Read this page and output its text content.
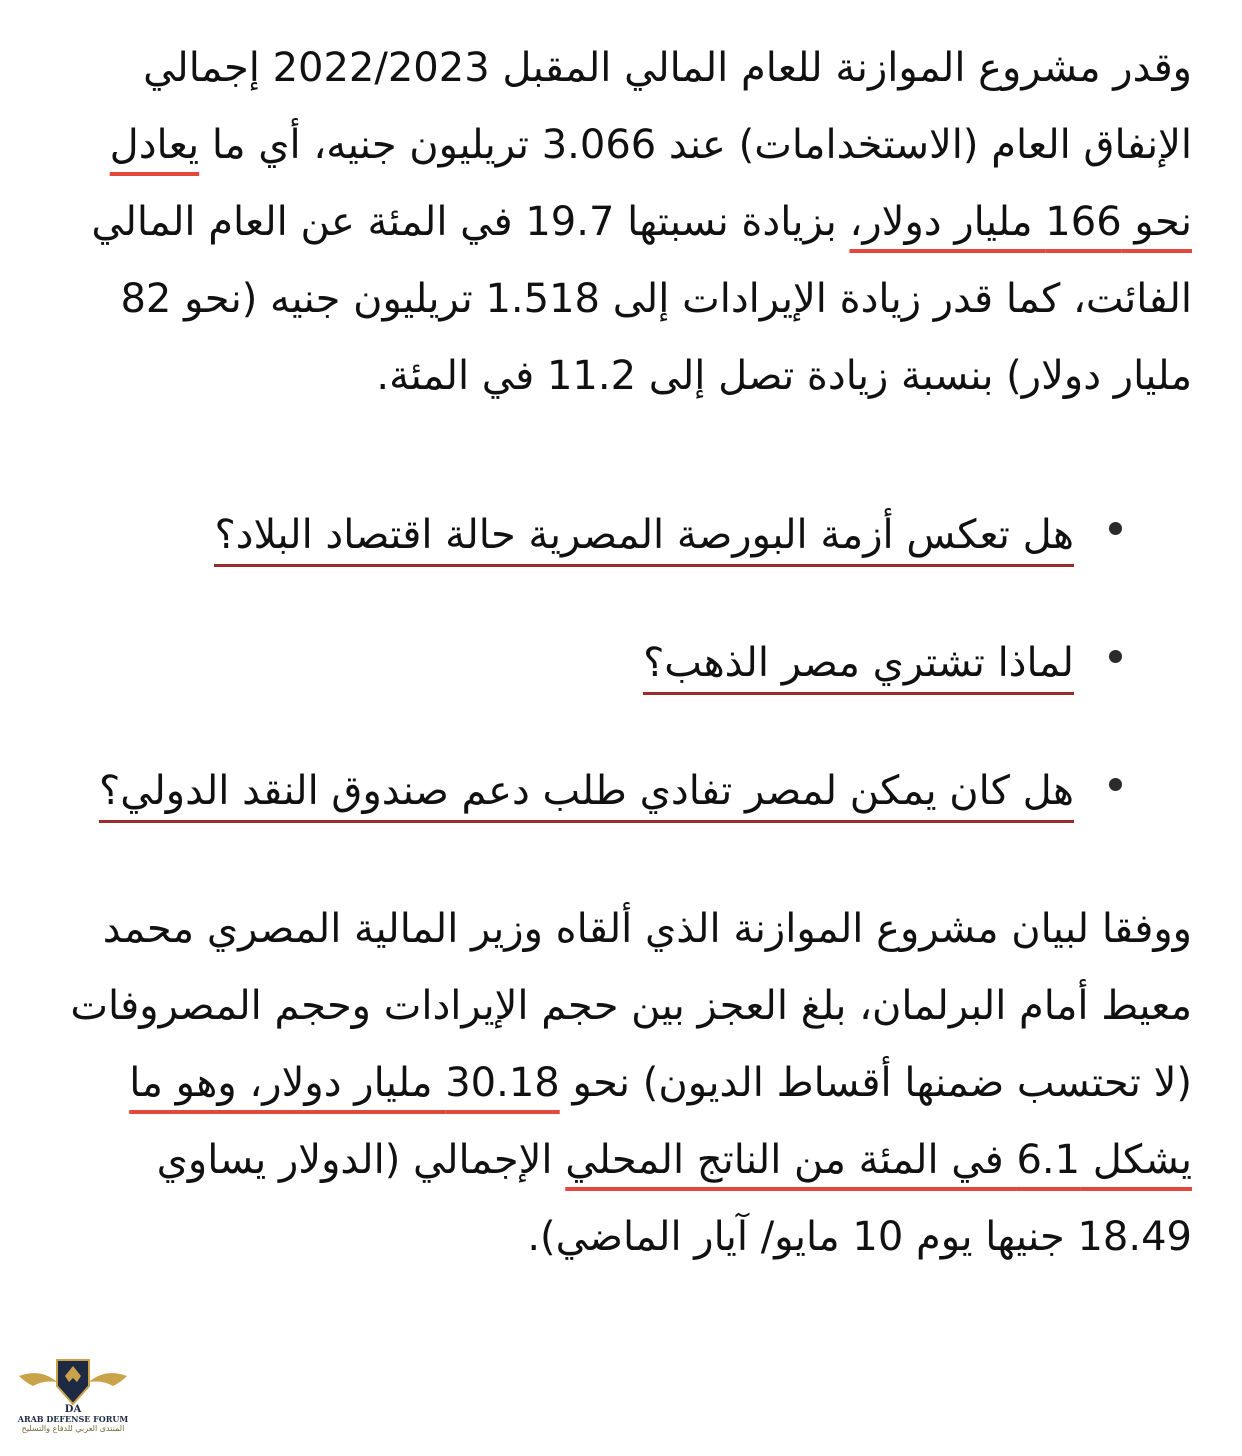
وقدر مشروع الموازنة للعام المالي المقبل 2022/2023 إجمالي الإنفاق العام (الاستخدامات) عند 3.066 تريليون جنيه، أي ما يعادل نحو 166 مليار دولار، بزيادة نسبتها 19.7 في المئة عن العام المالي الفائت، كما قدر زيادة الإيرادات إلى 1.518 تريليون جنيه (نحو 82 مليار دولار) بنسبة زيادة تصل إلى 11.2 في المئة.

هل تعكس أزمة البورصة المصرية حالة اقتصاد البلاد؟
لماذا تشتري مصر الذهب؟
هل كان يمكن لمصر تفادي طلب دعم صندوق النقد الدولي؟

ووفقا لبيان مشروع الموازنة الذي ألقاه وزير المالية المصري محمد معيط أمام البرلمان، بلغ العجز بين حجم الإيرادات وحجم المصروفات (لا تحتسب ضمنها أقساط الديون) نحو 30.18 مليار دولار، وهو ما يشكل 6.1 في المئة من الناتج المحلي الإجمالي (الدولار يساوي 18.49 جنيها يوم 10 مايو/ آيار الماضي).

DA
ARAB DEFENSE FORUM
المنتدى العربي للدفاع والتسليح
